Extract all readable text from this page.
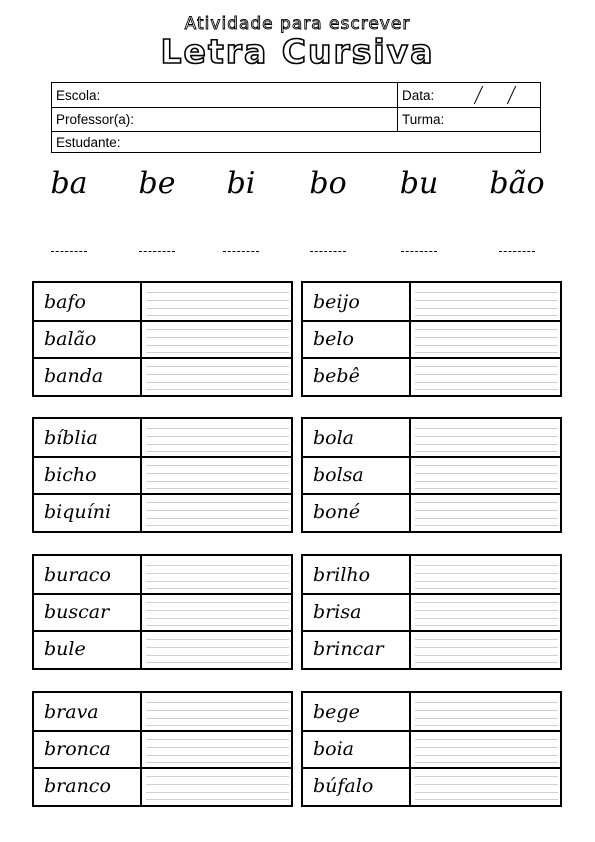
Atividade para escrever
Letra Cursiva
Escola:	Data:
Professor(a):	Turma:
Estudante:
ba	be	bi	bo	bu	bão
bafo
balão
banda
beijo
belo
bebê
bíblia
bicho
biquíni
bola
bolsa
boné
buraco
buscar
bule
brilho
brisa
brincar
brava
bronca
branco
bege
boia
búfalo
